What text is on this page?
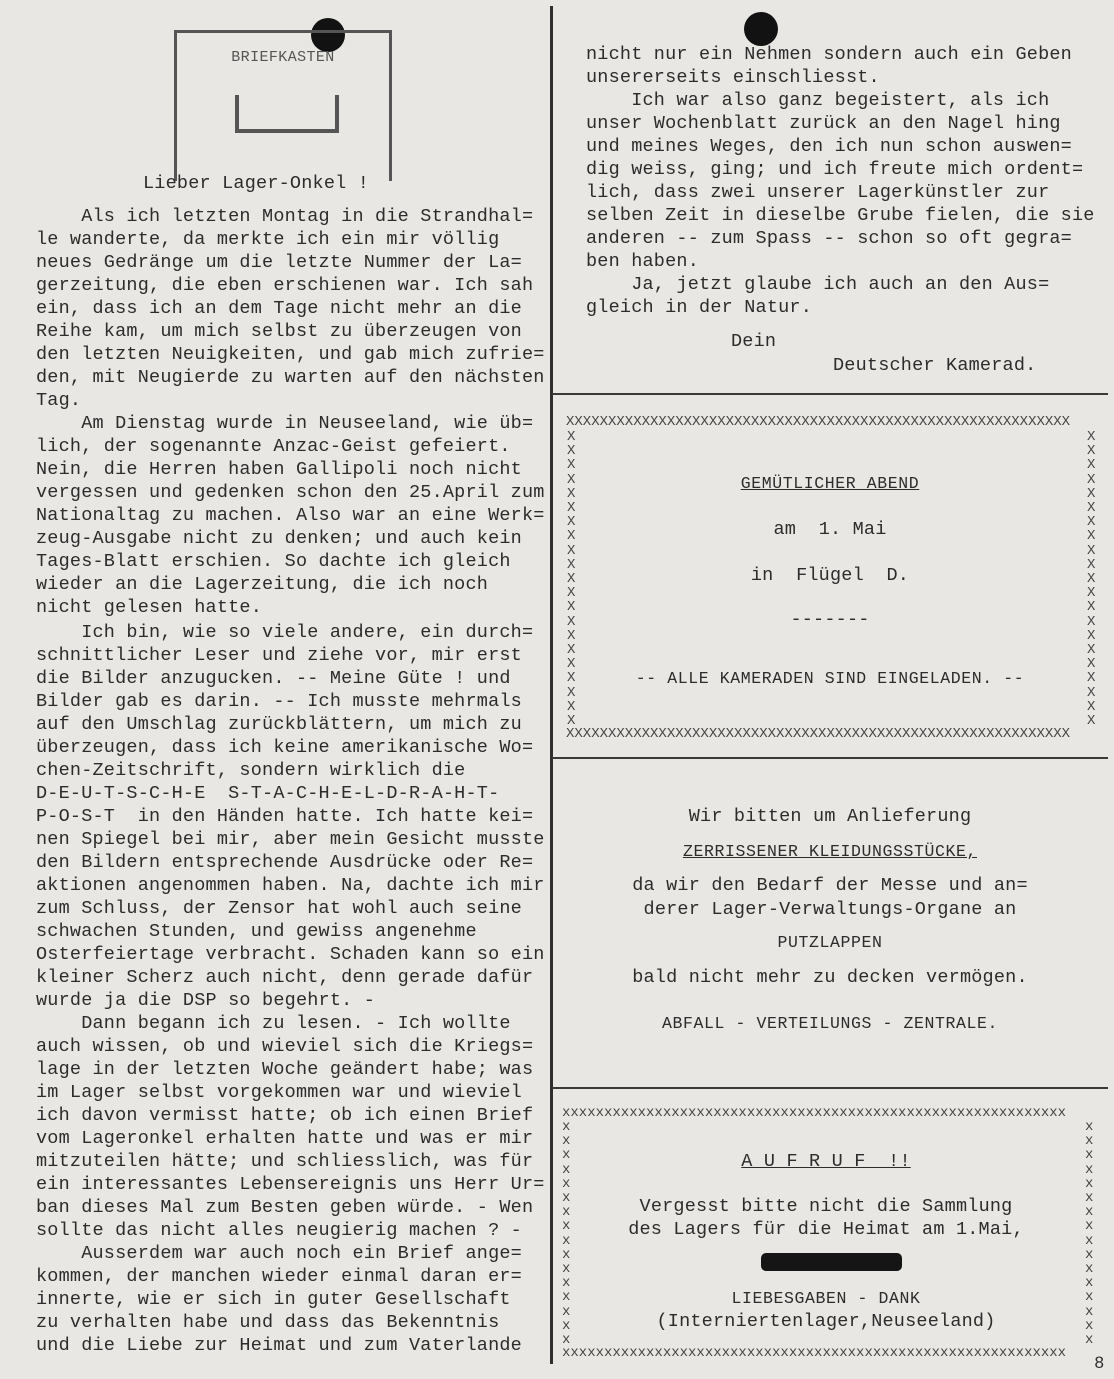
BRIEFKASTEN
Lieber Lager-Onkel !
Als ich letzten Montag in die Strandhal=
le wanderte, da merkte ich ein mir völlig
neues Gedränge um die letzte Nummer der La=
gerzeitung, die eben erschienen war. Ich sah
ein, dass ich an dem Tage nicht mehr an die
Reihe kam, um mich selbst zu überzeugen von
den letzten Neuigkeiten, und gab mich zufrie=
den, mit Neugierde zu warten auf den nächsten
Tag.
Am Dienstag wurde in Neuseeland, wie üb=
lich, der sogenannte Anzac-Geist gefeiert.
Nein, die Herren haben Gallipoli noch nicht
vergessen und gedenken schon den 25.April zum
Nationaltag zu machen. Also war an eine Werk=
zeug-Ausgabe nicht zu denken; und auch kein
Tages-Blatt erschien. So dachte ich gleich
wieder an die Lagerzeitung, die ich noch
nicht gelesen hatte.
Ich bin, wie so viele andere, ein durch=
schnittlicher Leser und ziehe vor, mir erst
die Bilder anzugucken. -- Meine Güte ! und
Bilder gab es darin. -- Ich musste mehrmals
auf den Umschlag zurückblättern, um mich zu
überzeugen, dass ich keine amerikanische Wo=
chen-Zeitschrift, sondern wirklich die
D-E-U-T-S-C-H-E  S-T-A-C-H-E-L-D-R-A-H-T-
P-O-S-T  in den Händen hatte. Ich hatte kei=
nen Spiegel bei mir, aber mein Gesicht musste
den Bildern entsprechende Ausdrücke oder Re=
aktionen angenommen haben. Na, dachte ich mir
zum Schluss, der Zensor hat wohl auch seine
schwachen Stunden, und gewiss angenehme
Osterfeiertage verbracht. Schaden kann so ein
kleiner Scherz auch nicht, denn gerade dafür
wurde ja die DSP so begehrt. -
Dann begann ich zu lesen. - Ich wollte
auch wissen, ob und wieviel sich die Kriegs=
lage in der letzten Woche geändert habe; was
im Lager selbst vorgekommen war und wieviel
ich davon vermisst hatte; ob ich einen Brief
vom Lageronkel erhalten hatte und was er mir
mitzuteilen hätte; und schliesslich, was für
ein interessantes Lebensereignis uns Herr Ur=
ban dieses Mal zum Besten geben würde. - Wen
sollte das nicht alles neugierig machen ? -
Ausserdem war auch noch ein Brief ange=
kommen, der manchen wieder einmal daran er=
innerte, wie er sich in guter Gesellschaft
zu verhalten habe und dass das Bekenntnis
und die Liebe zur Heimat und zum Vaterlande
nicht nur ein Nehmen sondern auch ein Geben
unsererseits einschliesst.
Ich war also ganz begeistert, als ich
unser Wochenblatt zurück an den Nagel hing
und meines Weges, den ich nun schon auswen=
dig weiss, ging; und ich freute mich ordent=
lich, dass zwei unserer Lagerkünstler zur
selben Zeit in dieselbe Grube fielen, die sie
anderen -- zum Spass -- schon so oft gegra=
ben haben.
Ja, jetzt glaube ich auch an den Aus=
gleich in der Natur.
Dein
Deutscher Kamerad.
XXXXXXXXXXXXXXXXXXXXXXXXXXXXXXXXXXXXXXXXXXXXXXXXXXXXXXXXXXXX
XXXXXXXXXXXXXXXXXXXXXXXXXXXXXXXXXXXXXXXXXXXXXXXXXXXXXXXXXXXX
X
X
X
X
X
X
X
X
X
X
X
X
X
X
X
X
X
X
X
X
X
X
X
X
X
X
X
X
X
X
X
X
X
X
X
X
X
X
X
X
X
X
GEMÜTLICHER ABEND
am  1. Mai
in  Flügel  D.
-------
-- ALLE KAMERADEN SIND EINGELADEN. --
Wir bitten um Anlieferung
ZERRISSENER KLEIDUNGSSTÜCKE,
da wir den Bedarf der Messe und an=
derer Lager-Verwaltungs-Organe an
PUTZLAPPEN
bald nicht mehr zu decken vermögen.
ABFALL - VERTEILUNGS - ZENTRALE.
xxxxxxxxxxxxxxxxxxxxxxxxxxxxxxxxxxxxxxxxxxxxxxxxxxxxxxxxxxxx
xxxxxxxxxxxxxxxxxxxxxxxxxxxxxxxxxxxxxxxxxxxxxxxxxxxxxxxxxxxx
x
x
x
x
x
x
x
x
x
x
x
x
x
x
x
x
x
x
x
x
x
x
x
x
x
x
x
x
x
x
x
x
A U F R U F  !!
Vergesst bitte nicht die Sammlung
des Lagers für die Heimat am 1.Mai,
LIEBESGABEN - DANK
(Interniertenlager,Neuseeland)
8
